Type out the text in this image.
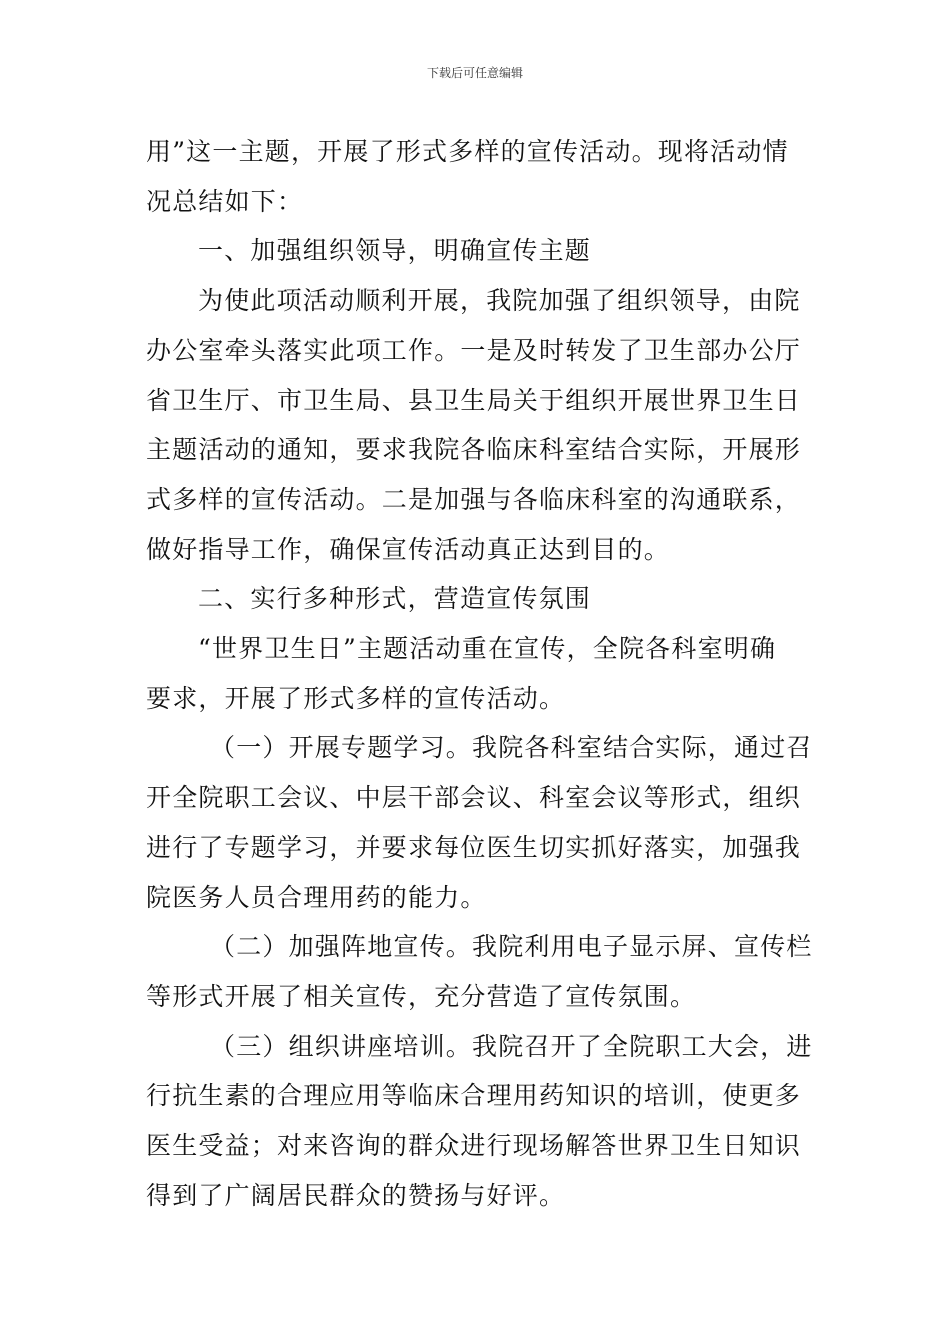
下载后可任意编辑

用”这一主题，开展了形式多样的宣传活动。现将活动情
况总结如下：

一、加强组织领导，明确宣传主题

为使此项活动顺利开展，我院加强了组织领导，由院
办公室牵头落实此项工作。一是及时转发了卫生部办公厅
省卫生厅、市卫生局、县卫生局关于组织开展世界卫生日
主题活动的通知，要求我院各临床科室结合实际，开展形
式多样的宣传活动。二是加强与各临床科室的沟通联系，
做好指导工作，确保宣传活动真正达到目的。

二、实行多种形式，营造宣传氛围

“世界卫生日”主题活动重在宣传，全院各科室明确
要求，开展了形式多样的宣传活动。

（一）开展专题学习。我院各科室结合实际，通过召
开全院职工会议、中层干部会议、科室会议等形式，组织
进行了专题学习，并要求每位医生切实抓好落实，加强我
院医务人员合理用药的能力。

（二）加强阵地宣传。我院利用电子显示屏、宣传栏
等形式开展了相关宣传，充分营造了宣传氛围。

（三）组织讲座培训。我院召开了全院职工大会，进
行抗生素的合理应用等临床合理用药知识的培训，使更多
医生受益；对来咨询的群众进行现场解答世界卫生日知识
得到了广阔居民群众的赞扬与好评。
